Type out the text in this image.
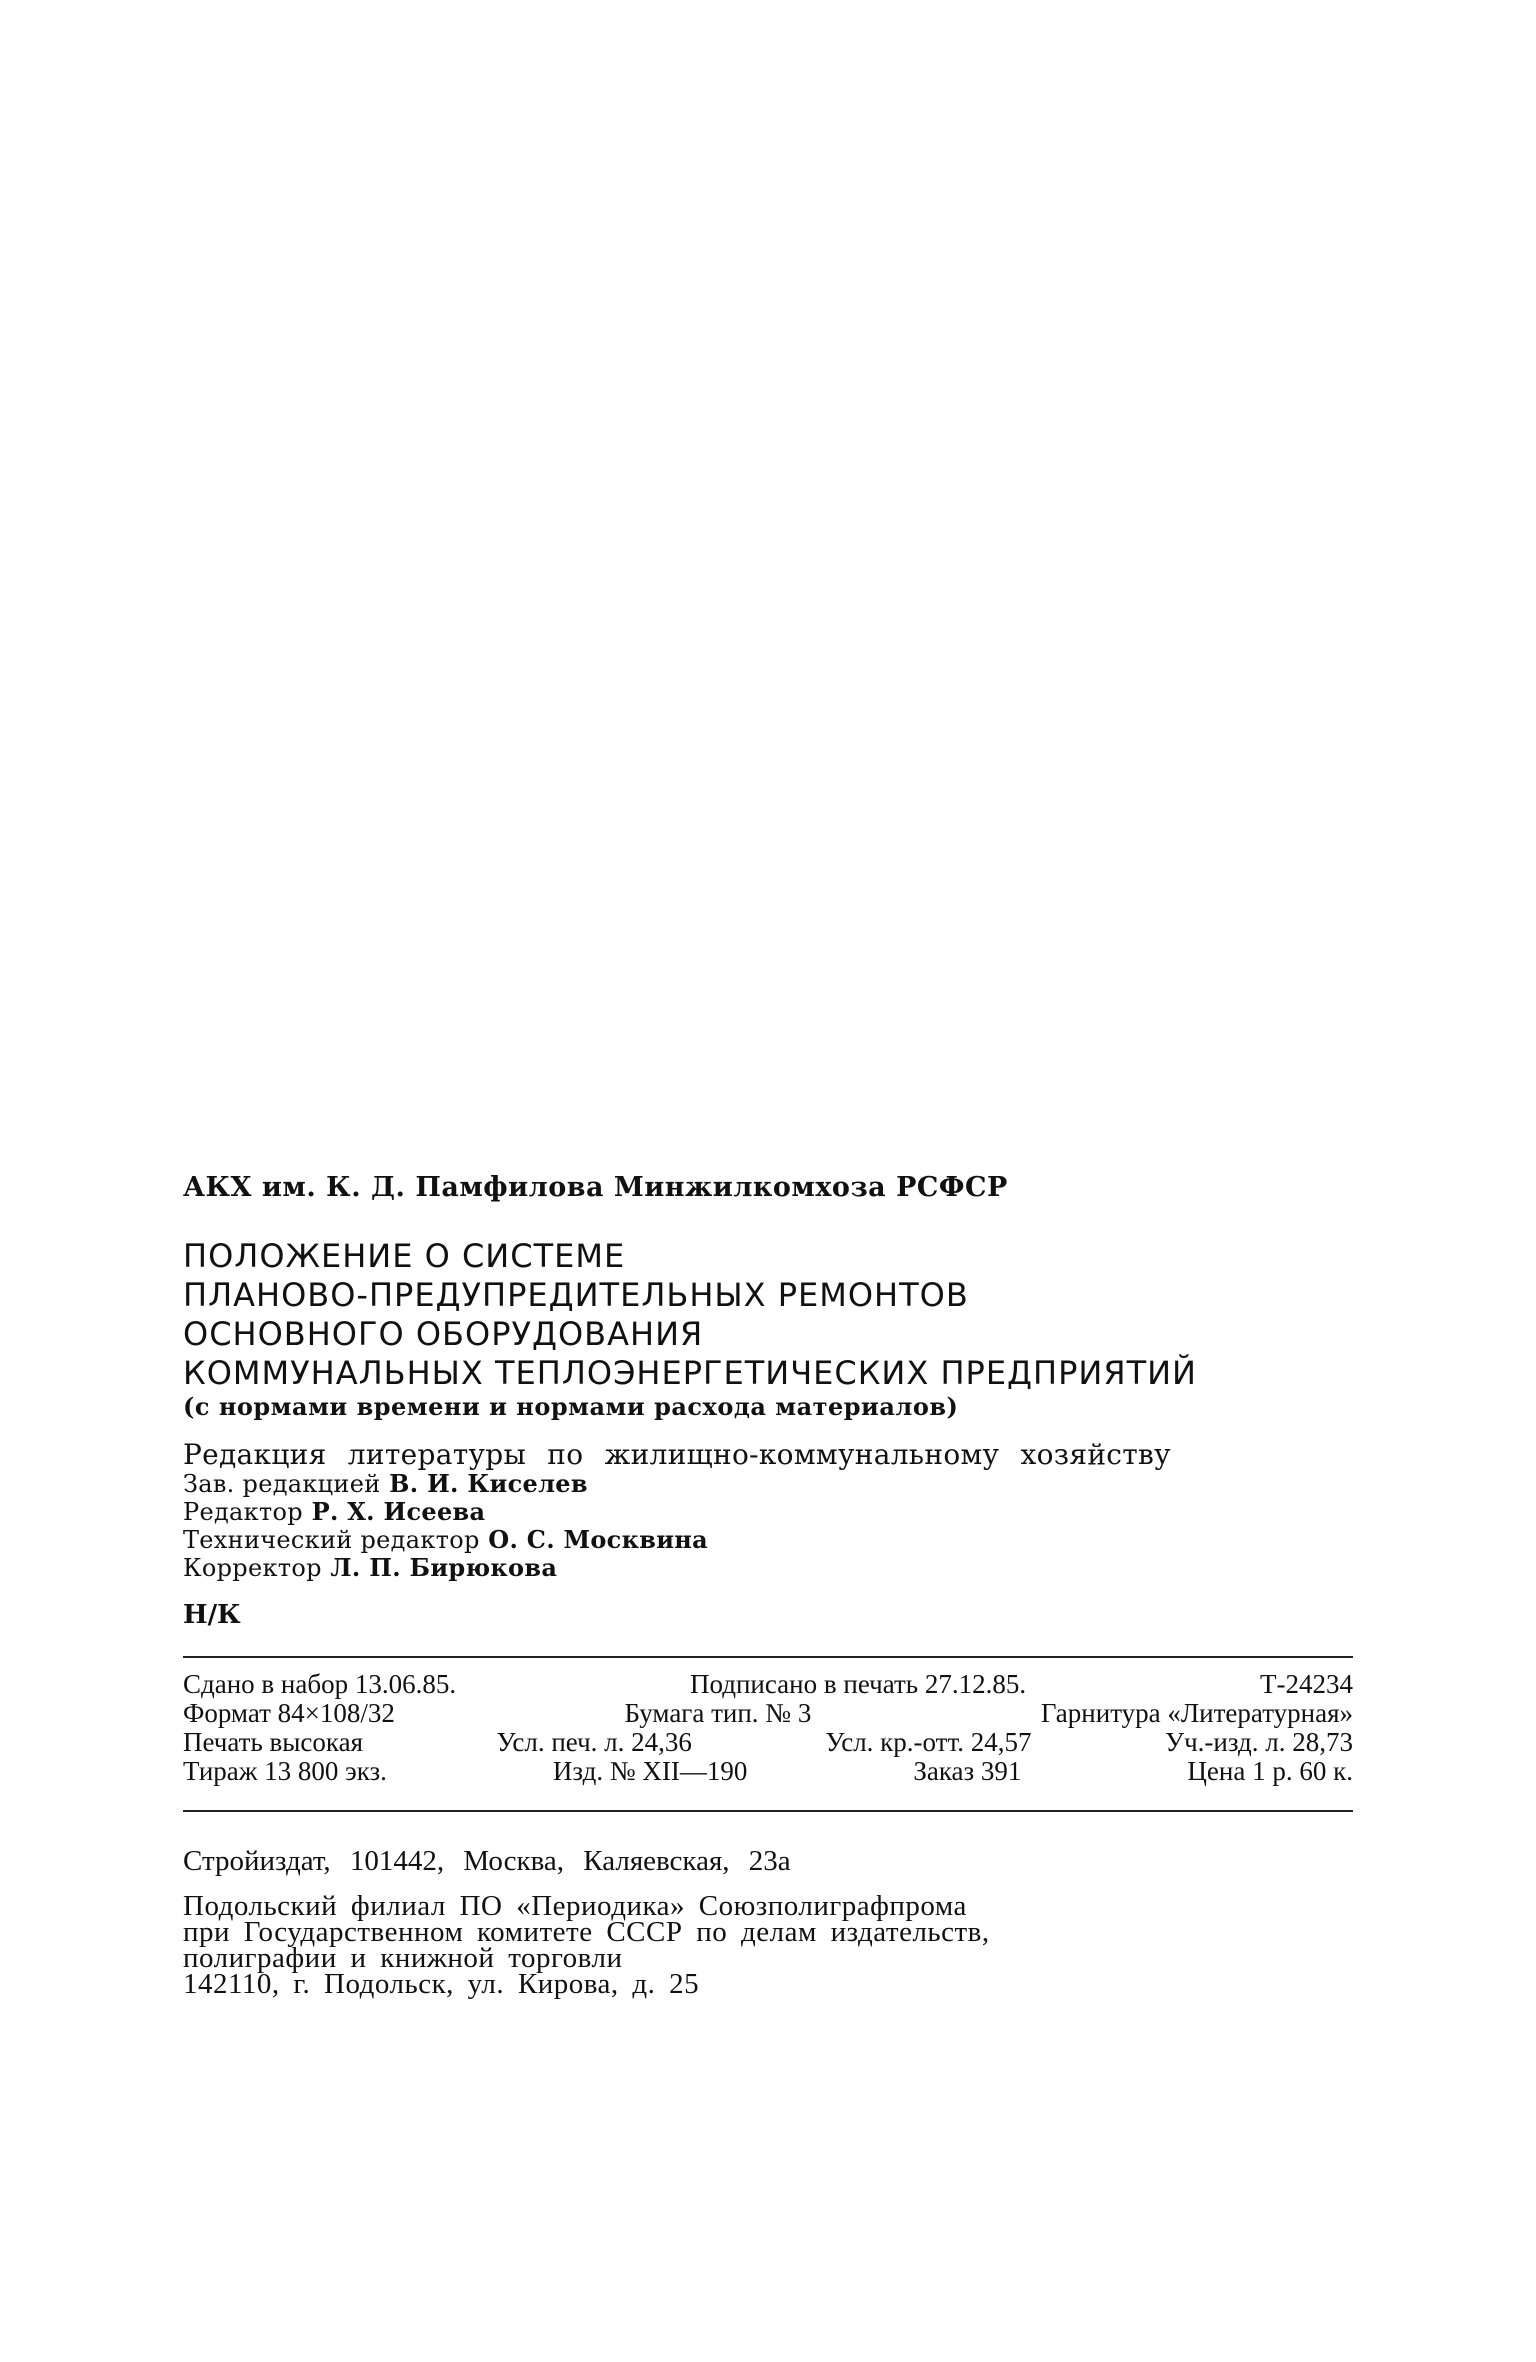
АКХ им. К. Д. Памфилова Минжилкомхоза РСФСР
ПОЛОЖЕНИЕ О СИСТЕМЕ
ПЛАНОВО-ПРЕДУПРЕДИТЕЛЬНЫХ РЕМОНТОВ
ОСНОВНОГО ОБОРУДОВАНИЯ
КОММУНАЛЬНЫХ ТЕПЛОЭНЕРГЕТИЧЕСКИХ ПРЕДПРИЯТИЙ
(с нормами времени и нормами расхода материалов)
Редакция литературы по жилищно-коммунальному хозяйству
Зав. редакцией В. И. Киселев
Редактор Р. Х. Исеева
Технический редактор О. С. Москвина
Корректор Л. П. Бирюкова
Н/К
Сдано в набор 13.06.85.	Подписано в печать 27.12.85.	Т-24234
Формат 84×108/32	Бумага тип. № 3	Гарнитура «Литературная»
Печать высокая	Усл. печ. л. 24,36	Усл. кр.-отт. 24,57	Уч.-изд. л. 28,73
Тираж 13 800 экз.	Изд. № XII—190	Заказ 391	Цена 1 р. 60 к.
Стройиздат, 101442, Москва, Каляевская, 23а
Подольский филиал ПО «Периодика» Союзполиграфпрома
при Государственном комитете СССР по делам издательств,
полиграфии и книжной торговли
142110, г. Подольск, ул. Кирова, д. 25
